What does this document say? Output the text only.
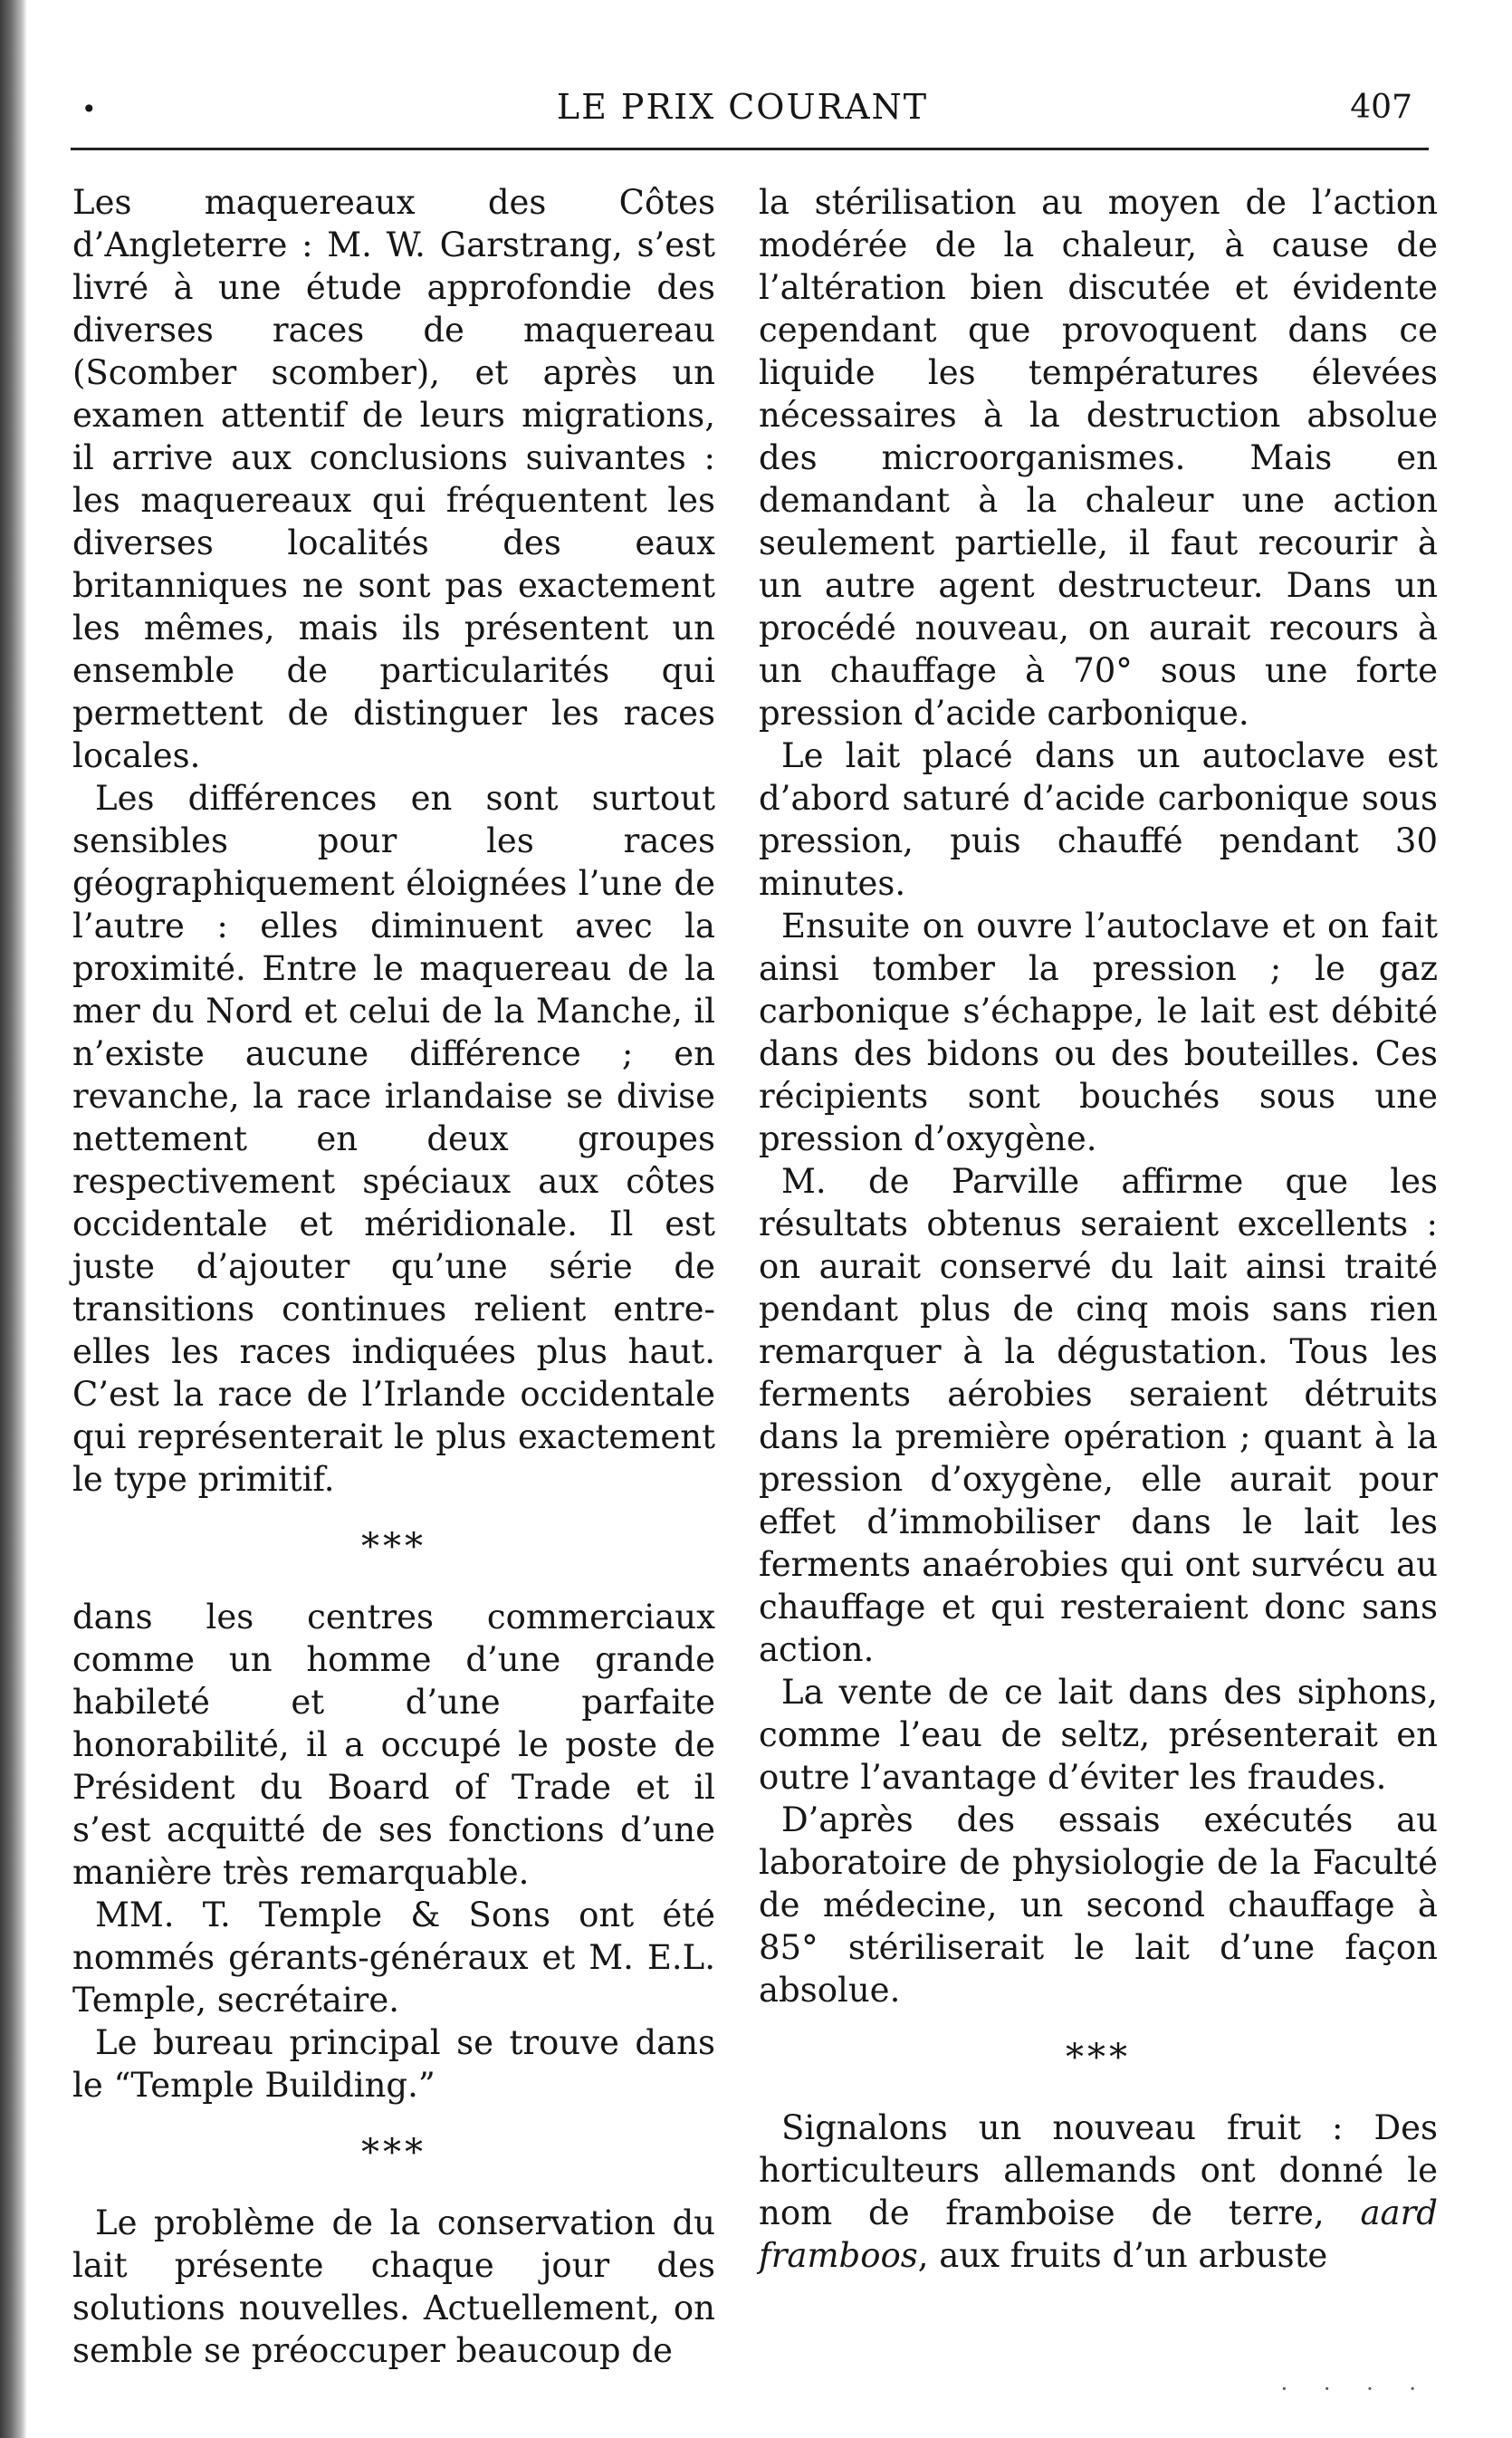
•	LE PRIX COURANT	407

Les maquereaux des Côtes d’Angleterre : M. W. Garstrang, s’est livré à une étude approfondie des diverses races de maquereau (Scomber scomber), et après un examen attentif de leurs migrations, il arrive aux conclusions suivantes : les maquereaux qui fréquentent les diverses localités des eaux britanniques ne sont pas exactement les mêmes, mais ils présentent un ensemble de particularités qui permettent de distinguer les races locales.

Les différences en sont surtout sensibles pour les races géographiquement éloignées l’une de l’autre : elles diminuent avec la proximité. Entre le maquereau de la mer du Nord et celui de la Manche, il n’existe aucune différence ; en revanche, la race irlandaise se divise nettement en deux groupes respectivement spéciaux aux côtes occidentale et méridionale. Il est juste d’ajouter qu’une série de transitions continues relient entre-elles les races indiquées plus haut. C’est la race de l’Irlande occidentale qui représenterait le plus exactement le type primitif.

***

dans les centres commerciaux comme un homme d’une grande habileté et d’une parfaite honorabilité, il a occupé le poste de Président du Board of Trade et il s’est acquitté de ses fonctions d’une manière très remarquable.

MM. T. Temple & Sons ont été nommés gérants-généraux et M. E.L. Temple, secrétaire.

Le bureau principal se trouve dans le “Temple Building.”

***

Le problème de la conservation du lait présente chaque jour des solutions nouvelles. Actuellement, on semble se préoccuper beaucoup de

la stérilisation au moyen de l’action modérée de la chaleur, à cause de l’altération bien discutée et évidente cependant que provoquent dans ce liquide les températures élevées nécessaires à la destruction absolue des microorganismes. Mais en demandant à la chaleur une action seulement partielle, il faut recourir à un autre agent destructeur. Dans un procédé nouveau, on aurait recours à un chauffage à 70° sous une forte pression d’acide carbonique.

Le lait placé dans un autoclave est d’abord saturé d’acide carbonique sous pression, puis chauffé pendant 30 minutes.

Ensuite on ouvre l’autoclave et on fait ainsi tomber la pression ; le gaz carbonique s’échappe, le lait est débité dans des bidons ou des bouteilles. Ces récipients sont bouchés sous une pression d’oxygène.

M. de Parville affirme que les résultats obtenus seraient excellents : on aurait conservé du lait ainsi traité pendant plus de cinq mois sans rien remarquer à la dégustation. Tous les ferments aérobies seraient détruits dans la première opération ; quant à la pression d’oxygène, elle aurait pour effet d’immobiliser dans le lait les ferments anaérobies qui ont survécu au chauffage et qui resteraient donc sans action.

La vente de ce lait dans des siphons, comme l’eau de seltz, présenterait en outre l’avantage d’éviter les fraudes.

D’après des essais exécutés au laboratoire de physiologie de la Faculté de médecine, un second chauffage à 85° stériliserait le lait d’une façon absolue.

***

Signalons un nouveau fruit : Des horticulteurs allemands ont donné le nom de framboise de terre, aard framboos, aux fruits d’un arbuste

· · · ·
